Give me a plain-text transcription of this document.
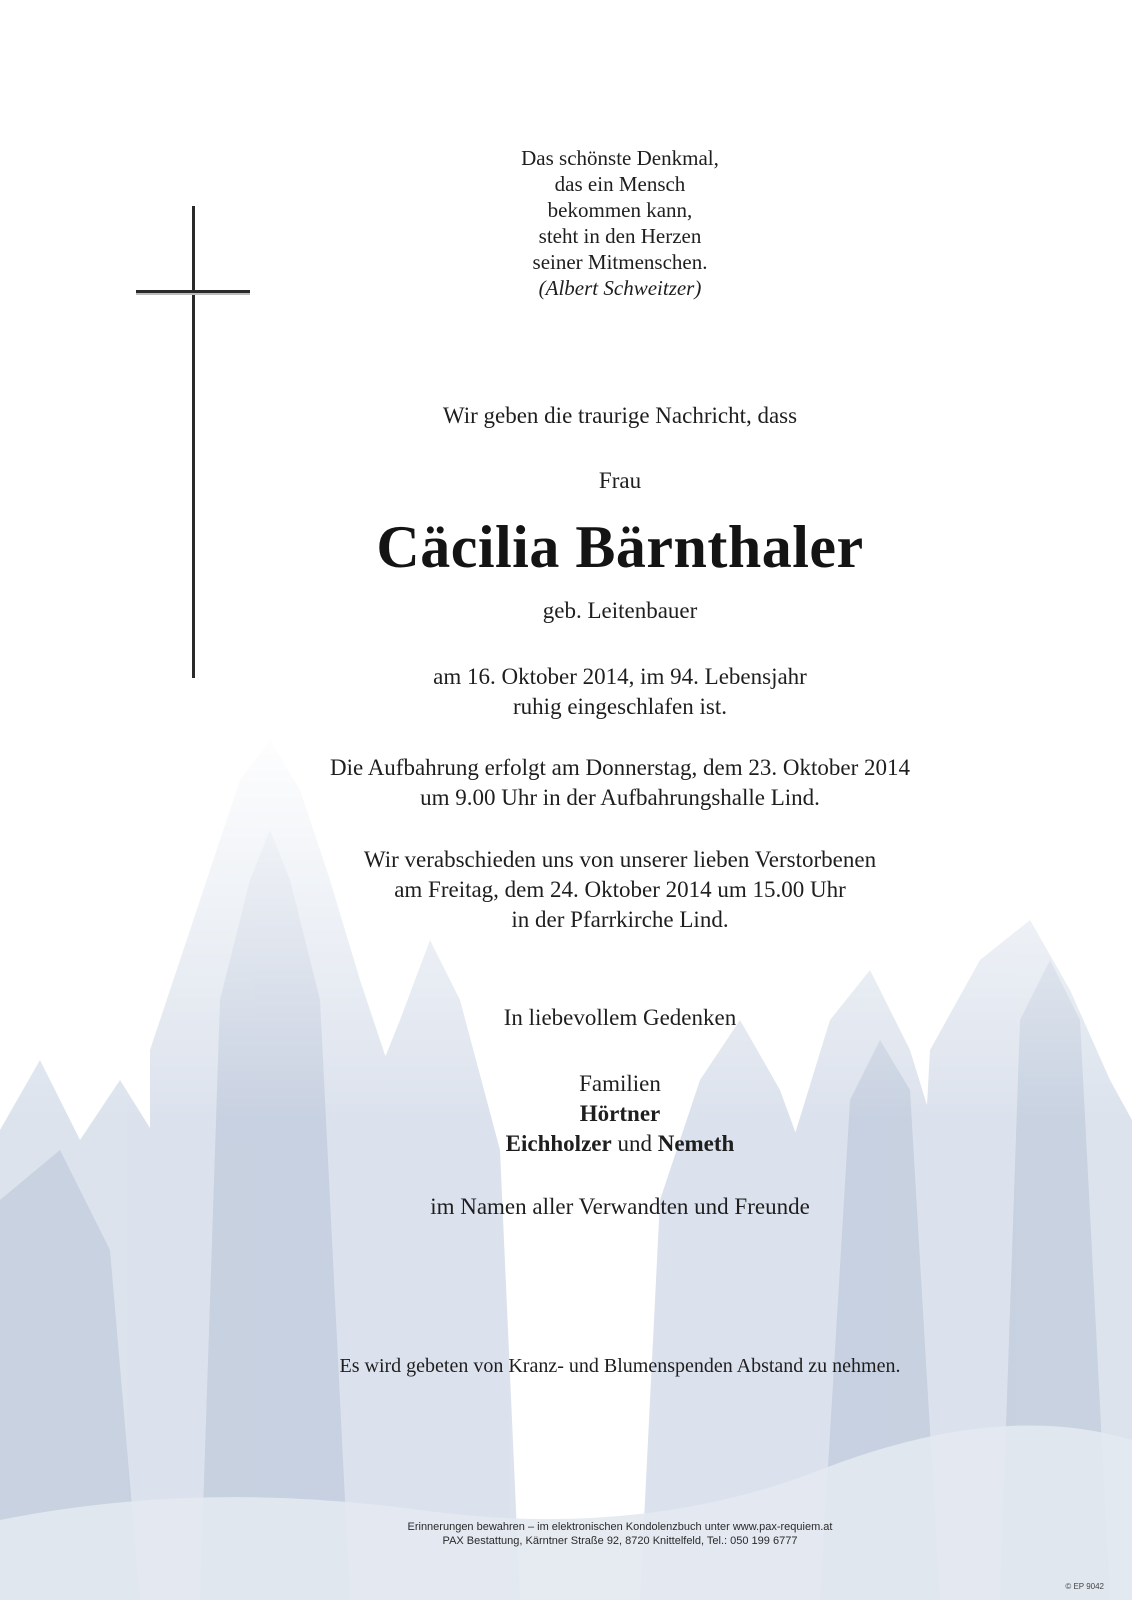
Das schönste Denkmal,
das ein Mensch
bekommen kann,
steht in den Herzen
seiner Mitmenschen.
(Albert Schweitzer)
Wir geben die traurige Nachricht, dass
Frau
Cäcilia Bärnthaler
geb. Leitenbauer
am 16. Oktober 2014, im 94. Lebensjahr
ruhig eingeschlafen ist.
Die Aufbahrung erfolgt am Donnerstag, dem 23. Oktober 2014
um 9.00 Uhr in der Aufbahrungshalle Lind.
Wir verabschieden uns von unserer lieben Verstorbenen
am Freitag, dem 24. Oktober 2014 um 15.00 Uhr
in der Pfarrkirche Lind.
In liebevollem Gedenken
Familien
Hörtner
Eichholzer und Nemeth
im Namen aller Verwandten und Freunde
Es wird gebeten von Kranz- und Blumenspenden Abstand zu nehmen.
Erinnerungen bewahren – im elektronischen Kondolenzbuch unter www.pax-requiem.at
PAX Bestattung, Kärntner Straße 92, 8720 Knittelfeld, Tel.: 050 199 6777
© EP 9042
